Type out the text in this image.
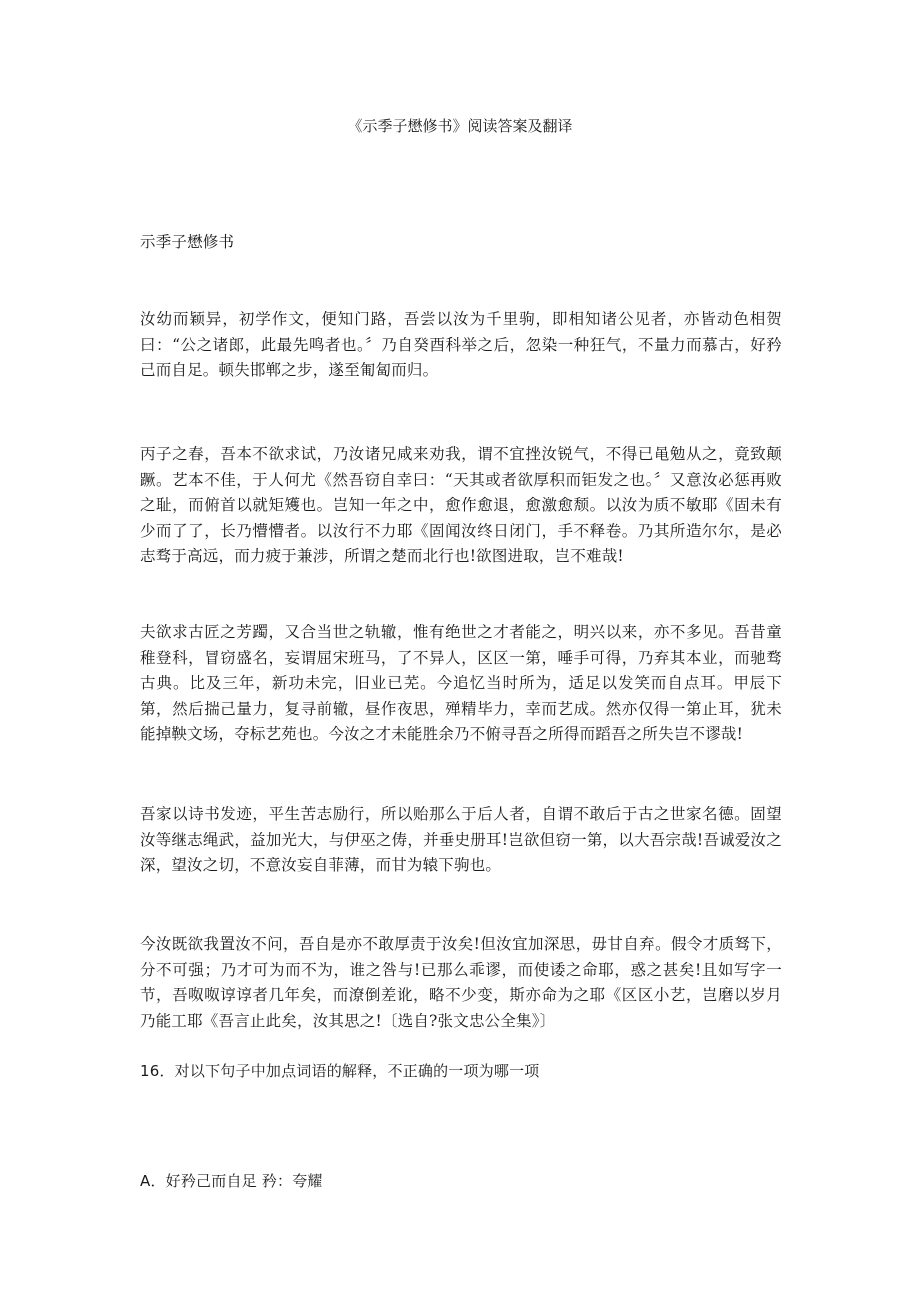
《示季子懋修书》阅读答案及翻译

示季子懋修书

汝幼而颖异，初学作文，便知门路，吾尝以汝为千里驹，即相知诸公见者，亦皆动色相贺曰：“公之诸郎，此最先鸣者也。〞乃自癸酉科举之后，忽染一种狂气，不量力而慕古，好矜己而自足。顿失邯郸之步，遂至匍匐而归。

丙子之春，吾本不欲求试，乃汝诸兄咸来劝我，谓不宜挫汝锐气，不得已黾勉从之，竟致颠蹶。艺本不佳，于人何尤《然吾窃自幸曰：“天其或者欲厚积而钜发之也。〞又意汝必惩再败之耻，而俯首以就矩矱也。岂知一年之中，愈作愈退，愈激愈颓。以汝为质不敏耶《固未有少而了了，长乃懵懵者。以汝行不力耶《固闻汝终日闭门，手不释卷。乃其所造尔尔，是必志骛于高远，而力疲于兼涉，所谓之楚而北行也!欲图进取，岂不难哉!

夫欲求古匠之芳躅，又合当世之轨辙，惟有绝世之才者能之，明兴以来，亦不多见。吾昔童稚登科，冒窃盛名，妄谓屈宋班马，了不异人，区区一第，唾手可得，乃弃其本业，而驰骛古典。比及三年，新功未完，旧业已芜。今追忆当时所为，适足以发笑而自点耳。甲辰下第，然后揣己量力，复寻前辙，昼作夜思，殚精毕力，幸而艺成。然亦仅得一第止耳，犹未能掉鞅文场，夺标艺苑也。今汝之才未能胜余乃不俯寻吾之所得而蹈吾之所失岂不谬哉!

吾家以诗书发迹，平生苦志励行，所以贻那么于后人者，自谓不敢后于古之世家名德。固望汝等继志绳武，益加光大，与伊巫之俦，并垂史册耳!岂欲但窃一第，以大吾宗哉!吾诚爱汝之深，望汝之切，不意汝妄自菲薄，而甘为辕下驹也。

今汝既欲我置汝不问，吾自是亦不敢厚责于汝矣!但汝宜加深思，毋甘自弃。假令才质驽下，分不可强；乃才可为而不为，谁之咎与!已那么乖谬，而使诿之命耶，惑之甚矣!且如写字一节，吾呶呶谆谆者几年矣，而潦倒差讹，略不少变，斯亦命为之耶《区区小艺，岂磨以岁月乃能工耶《吾言止此矣，汝其思之!〔选自?张文忠公全集》〕

16．对以下句子中加点词语的解释，不正确的一项为哪一项

A．好矜己而自足 矜：夸耀
